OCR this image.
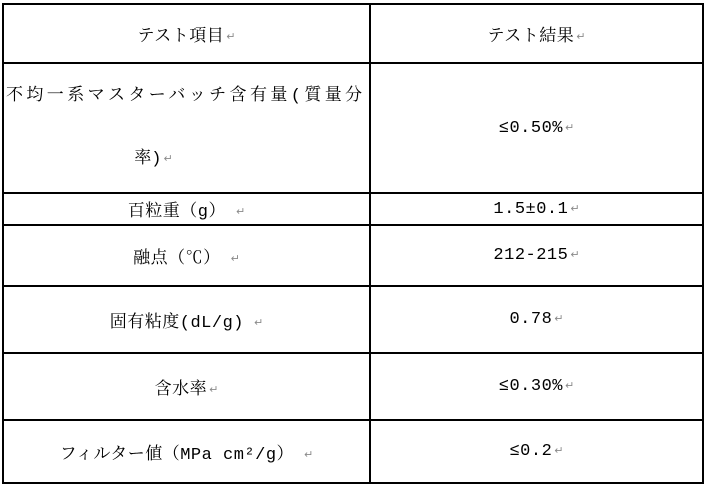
テスト項目 ↵	テスト結果 ↵

不均一系マスターバッチ含有量(質量分
率) ↵	≤0.50% ↵
百粒重（g） ↵	1.5±0.1 ↵
融点（℃） ↵	212-215 ↵
固有粘度(dL/g) ↵	0.78 ↵
含水率 ↵	≤0.30% ↵
フィルター値（MPa cm²/g） ↵	≤0.2 ↵
